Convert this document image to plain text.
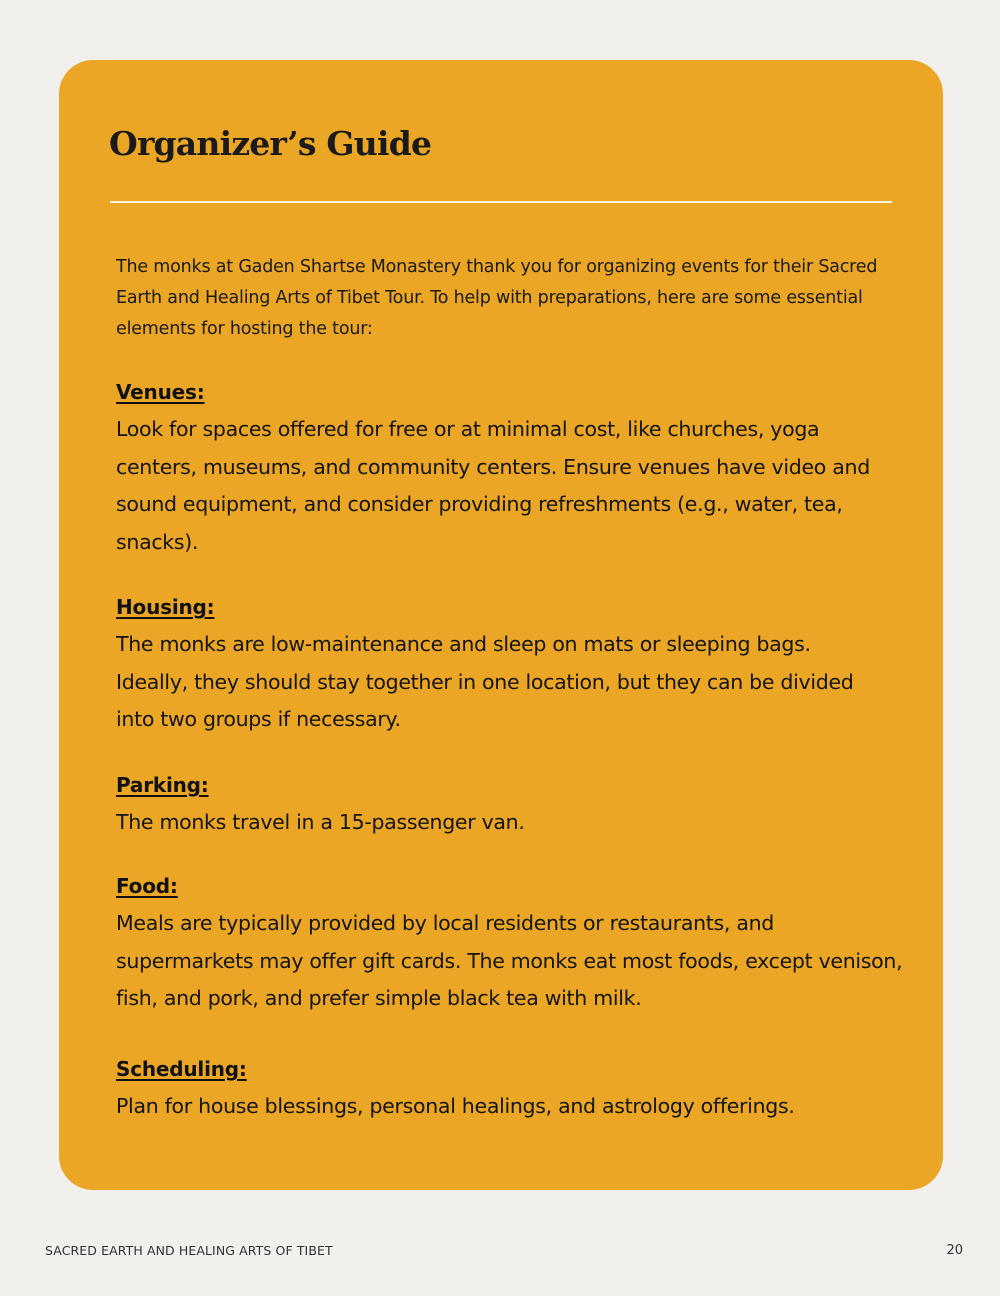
Organizer’s Guide

The monks at Gaden Shartse Monastery thank you for organizing events for their Sacred Earth and Healing Arts of Tibet Tour. To help with preparations, here are some essential elements for hosting the tour:

Venues:

Look for spaces offered for free or at minimal cost, like churches, yoga centers, museums, and community centers. Ensure venues have video and sound equipment, and consider providing refreshments (e.g., water, tea, snacks).

Housing:

The monks are low-maintenance and sleep on mats or sleeping bags. Ideally, they should stay together in one location, but they can be divided into two groups if necessary.

Parking:

The monks travel in a 15-passenger van.

Food:

Meals are typically provided by local residents or restaurants, and supermarkets may offer gift cards. The monks eat most foods, except venison, fish, and pork, and prefer simple black tea with milk.

Scheduling:

Plan for house blessings, personal healings, and astrology offerings.

SACRED EARTH AND HEALING ARTS OF TIBET	20
